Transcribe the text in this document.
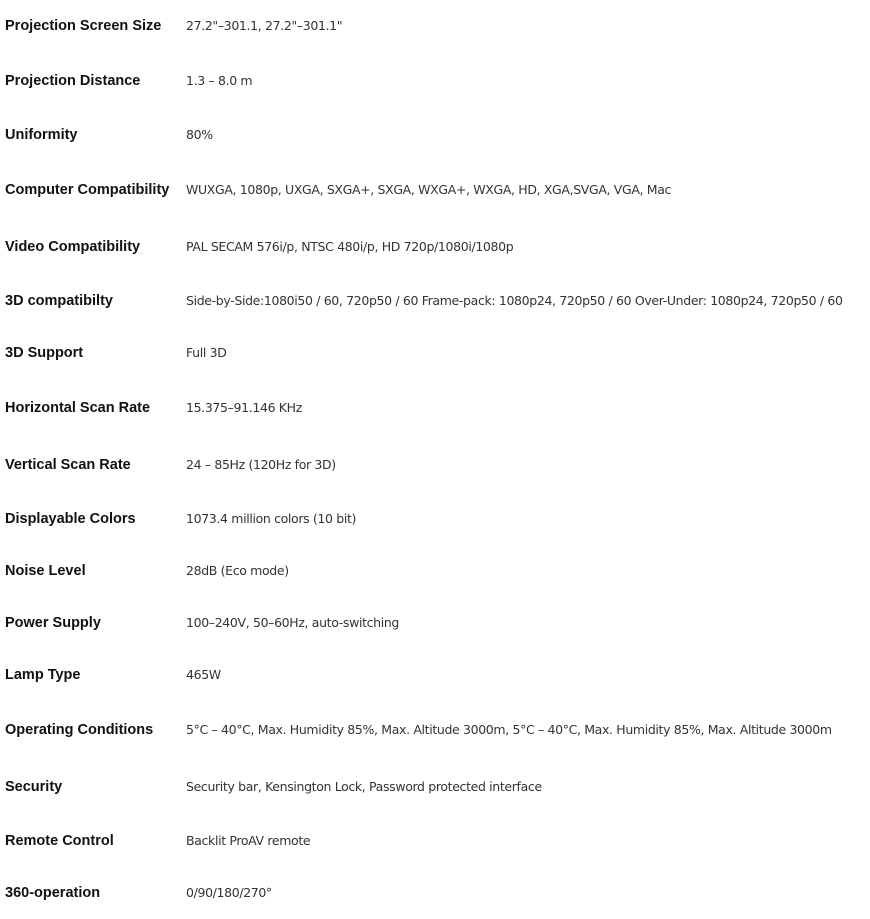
Projection Screen Size	27.2"–301.1, 27.2"–301.1"
Projection Distance	1.3 – 8.0 m
Uniformity	80%
Computer Compatibility	WUXGA, 1080p, UXGA, SXGA+, SXGA, WXGA+, WXGA, HD, XGA,SVGA, VGA, Mac
Video Compatibility	PAL SECAM 576i/p, NTSC 480i/p, HD 720p/1080i/1080p
3D compatibilty	Side-by-Side:1080i50 / 60, 720p50 / 60 Frame-pack: 1080p24, 720p50 / 60 Over-Under: 1080p24, 720p50 / 60
3D Support	Full 3D
Horizontal Scan Rate	15.375–91.146 KHz
Vertical Scan Rate	24 – 85Hz (120Hz for 3D)
Displayable Colors	1073.4 million colors (10 bit)
Noise Level	28dB (Eco mode)
Power Supply	100–240V, 50–60Hz, auto-switching
Lamp Type	465W
Operating Conditions	5°C – 40°C, Max. Humidity 85%, Max. Altitude 3000m, 5°C – 40°C, Max. Humidity 85%, Max. Altitude 3000m
Security	Security bar, Kensington Lock, Password protected interface
Remote Control	Backlit ProAV remote
360-operation	0/90/180/270°
